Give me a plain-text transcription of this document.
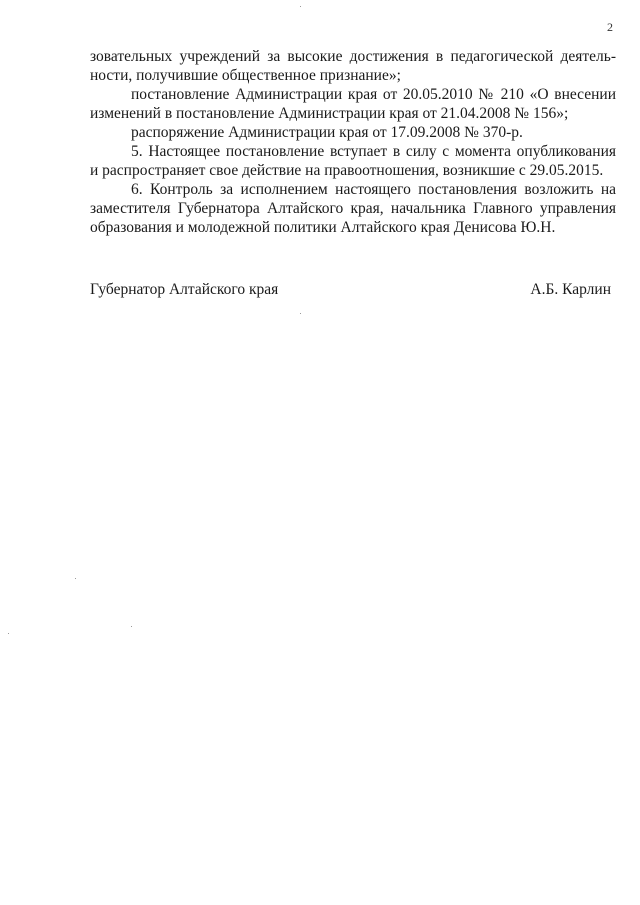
2
зовательных учреждений за высокие достижения в педагогической деятель-
ности, получившие общественное признание»;
постановление Администрации края от 20.05.2010 № 210 «О внесении
изменений в постановление Администрации края от 21.04.2008 № 156»;
распоряжение Администрации края от 17.09.2008 № 370-р.
5. Настоящее постановление вступает в силу с момента опубликования
и распространяет свое действие на правоотношения, возникшие с 29.05.2015.
6. Контроль за исполнением настоящего постановления возложить на
заместителя Губернатора Алтайского края, начальника Главного управления
образования и молодежной политики Алтайского края Денисова Ю.Н.
Губернатор Алтайского края	А.Б. Карлин
